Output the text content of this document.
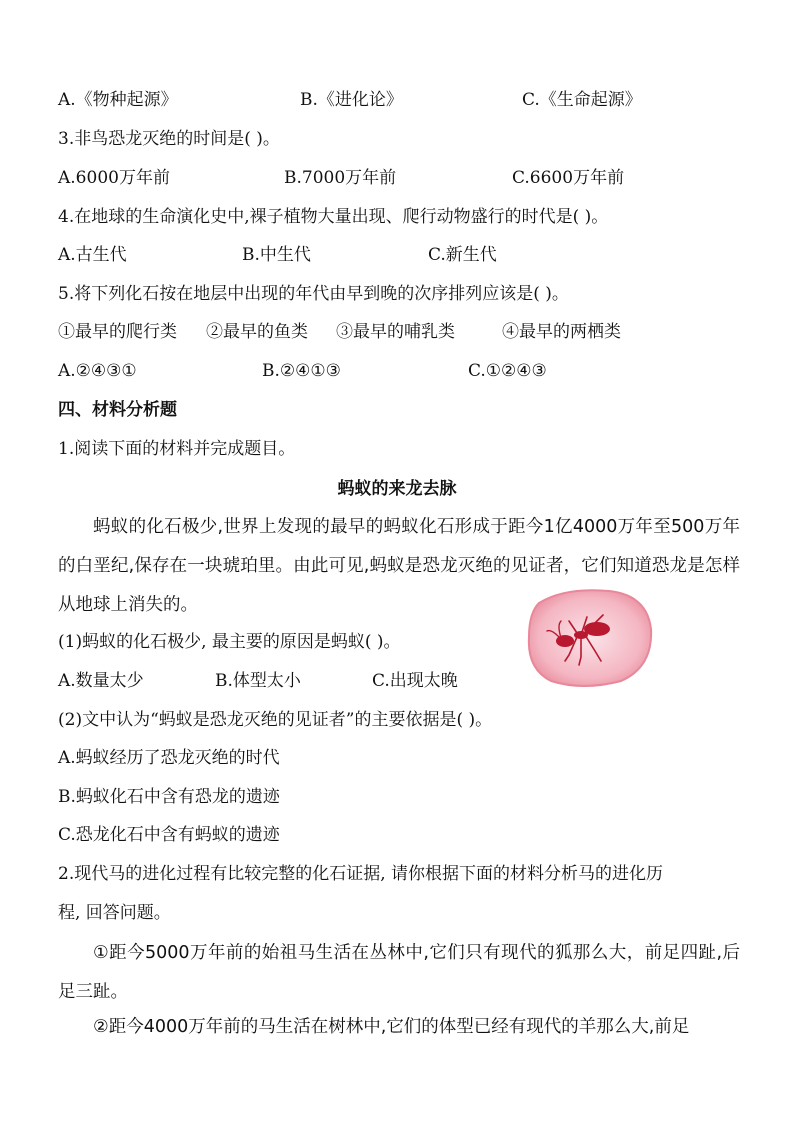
A.《物种起源》	B.《进化论》	C.《生命起源》
3.非鸟恐龙灭绝的时间是( )。
A.6000万年前	B.7000万年前	C.6600万年前
4.在地球的生命演化史中,裸子植物大量出现、爬行动物盛行的时代是( )。
A.古生代	B.中生代	C.新生代
5.将下列化石按在地层中出现的年代由早到晚的次序排列应该是( )。
①最早的爬行类 ②最早的鱼类 ③最早的哺乳类	④最早的两栖类
A.②④③①	B.②④①③	C.①②④③
四、材料分析题
1.阅读下面的材料并完成题目。
蚂蚁的来龙去脉
蚂蚁的化石极少,世界上发现的最早的蚂蚁化石形成于距今1亿4000万年至500万年的白垩纪,保存在一块琥珀里。由此可见,蚂蚁是恐龙灭绝的见证者，它们知道恐龙是怎样从地球上消失的。
(1)蚂蚁的化石极少, 最主要的原因是蚂蚁( )。
A.数量太少	B.体型太小	C.出现太晚
(2)文中认为“蚂蚁是恐龙灭绝的见证者”的主要依据是( )。
A.蚂蚁经历了恐龙灭绝的时代
B.蚂蚁化石中含有恐龙的遗迹
C.恐龙化石中含有蚂蚁的遗迹
2.现代马的进化过程有比较完整的化石证据, 请你根据下面的材料分析马的进化历
程, 回答问题。
①距今5000万年前的始祖马生活在丛林中,它们只有现代的狐那么大，前足四趾,后足三趾。
②距今4000万年前的马生活在树林中,它们的体型已经有现代的羊那么大,前足
